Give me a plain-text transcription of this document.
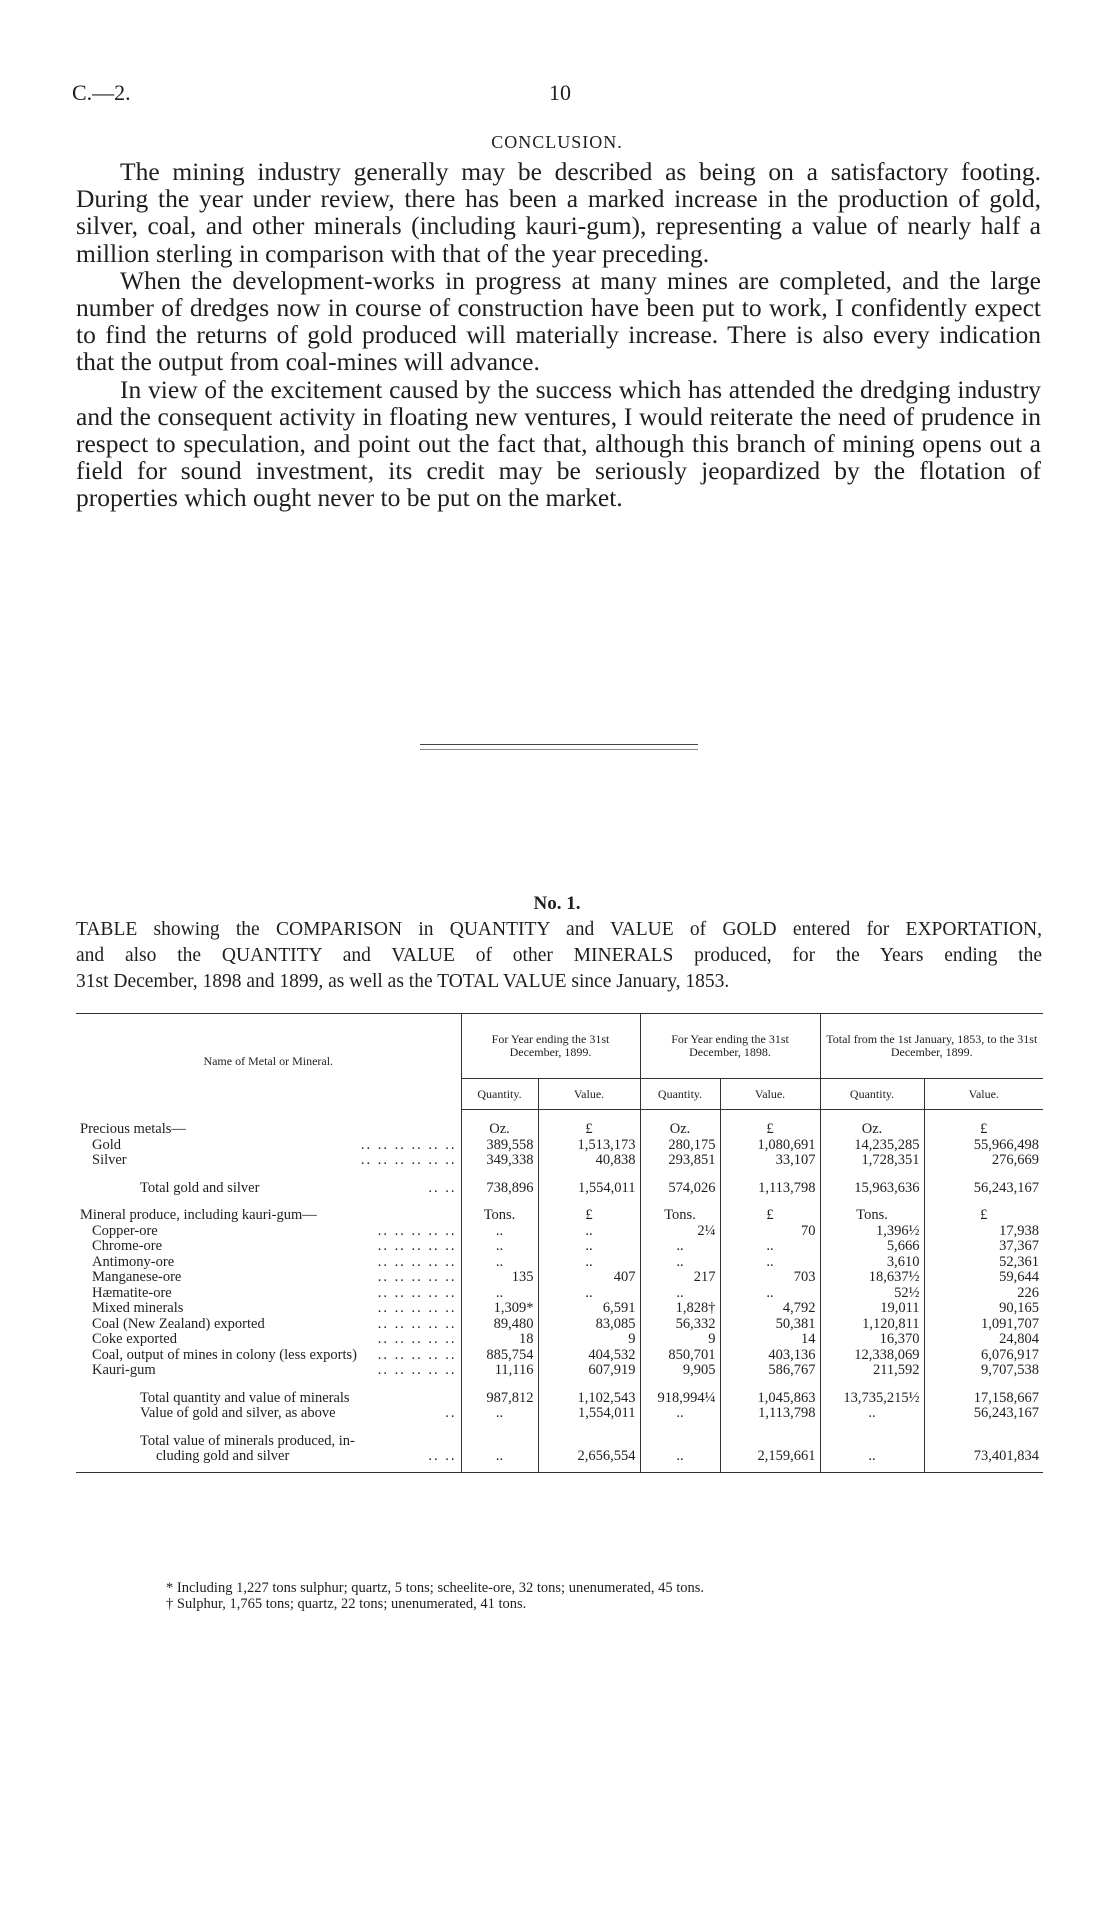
C.—2.	10
CONCLUSION.

The mining industry generally may be described as being on a satisfactory footing. During the year under review, there has been a marked increase in the production of gold, silver, coal, and other minerals (including kauri-gum), representing a value of nearly half a million sterling in comparison with that of the year preceding.

When the development-works in progress at many mines are completed, and the large number of dredges now in course of construction have been put to work, I confidently expect to find the returns of gold produced will materially increase. There is also every indication that the output from coal-mines will advance.

In view of the excitement caused by the success which has attended the dredging industry and the consequent activity in floating new ventures, I would reiterate the need of prudence in respect to speculation, and point out the fact that, although this branch of mining opens out a field for sound investment, its credit may be seriously jeopardized by the flotation of properties which ought never to be put on the market.

No. 1.

TABLE showing the COMPARISON in QUANTITY and VALUE of GOLD entered for EXPORTATION,

and also the QUANTITY and VALUE of other MINERALS produced, for the Years ending the

31st December, 1898 and 1899, as well as the TOTAL VALUE since January, 1853.

Name of Metal or Mineral.	For Year ending the 31st December, 1899.		For Year ending the 31st December, 1898.		Total from the 1st January, 1853, to the 31st December, 1899.	
	Quantity.	Value.	Quantity.	Value.	Quantity.	Value.

Precious metals—	Oz.	£	Oz.	£	Oz.	£
Gold .. .. .. .. .. ..	389,558	1,513,173	280,175	1,080,691	14,235,285	55,966,498
Silver .. .. .. .. .. ..	349,338	40,838	293,851	33,107	1,728,351	276,669

Total gold and silver .. ..	738,896	1,554,011	574,026	1,113,798	15,963,636	56,243,167

Mineral produce, including kauri-gum—	Tons.	£	Tons.	£	Tons.	£
Copper-ore .. .. .. .. ..	..	..	2¼	70	1,396½	17,938
Chrome-ore .. .. .. .. ..	..	..	..	..	5,666	37,367
Antimony-ore .. .. .. .. ..	..	..	..	..	3,610	52,361
Manganese-ore .. .. .. .. ..	135	407	217	703	18,637½	59,644
Hæmatite-ore .. .. .. .. ..	..	..	..	..	52½	226
Mixed minerals .. .. .. .. ..	1,309*	6,591	1,828†	4,792	19,011	90,165
Coal (New Zealand) exported .. .. .. .. ..	89,480	83,085	56,332	50,381	1,120,811	1,091,707
Coke exported .. .. .. .. ..	18	9	9	14	16,370	24,804
Coal, output of mines in colony (less exports) .. .. .. .. ..	885,754	404,532	850,701	403,136	12,338,069	6,076,917
Kauri-gum .. .. .. .. ..	11,116	607,919	9,905	586,767	211,592	9,707,538

Total quantity and value of minerals	987,812	1,102,543	918,994¼	1,045,863	13,735,215½	17,158,667
Value of gold and silver, as above ..	..	1,554,011	..	1,113,798	..	56,243,167

Total value of minerals produced, in-
cluding gold and silver .. ..	..	2,656,554	..	2,159,661	..	73,401,834

* Including 1,227 tons sulphur; quartz, 5 tons; scheelite-ore, 32 tons; unenumerated, 45 tons.
† Sulphur, 1,765 tons; quartz, 22 tons; unenumerated, 41 tons.
